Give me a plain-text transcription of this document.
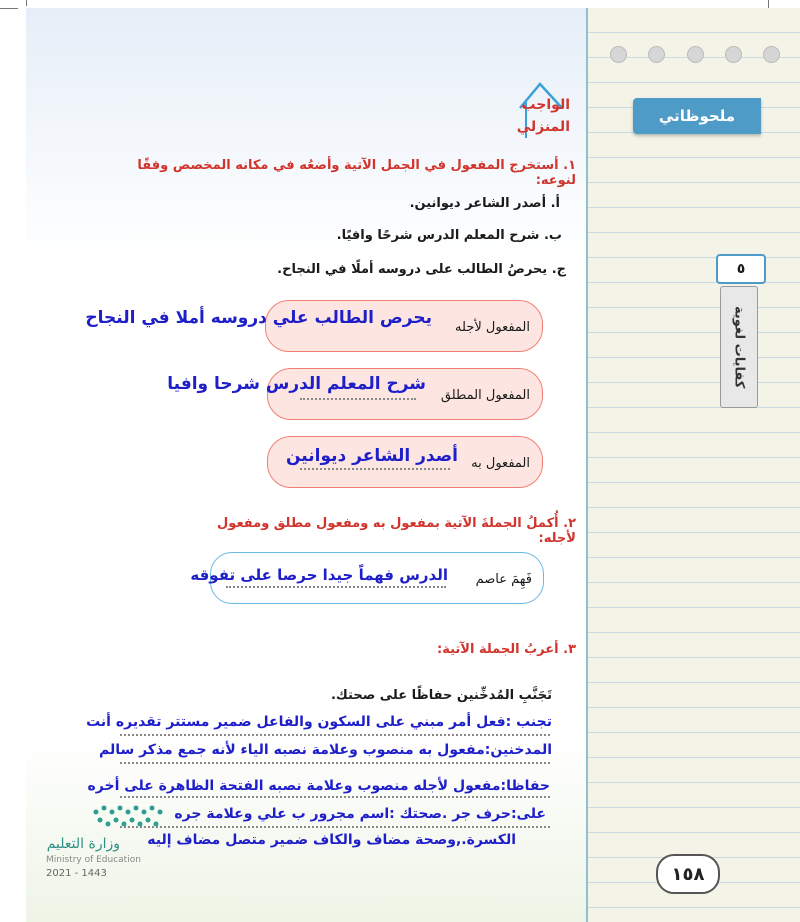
ملحوظاتي
٥
كفايات لغوية
١٥٨
الواجب
المنزلي
١. أستخرج المفعول في الجمل الآتية وأضعُه في مكانه المخصص وفقًا لنوعه:
أ. أصدر الشاعر ديوانين.
ب. شرح المعلم الدرس شرحًا وافيًا.
ج. يحرصُ الطالب على دروسه أملًا في النجاح.
المفعول لأجله
يحرص الطالب علي دروسه أملا في النجاح
المفعول المطلق
شرح المعلم الدرس شرحا وافيا
المفعول به
أصدر الشاعر ديوانين
٢. أُكملُ الجملةَ الآتية بمفعول به ومفعول مطلق ومفعول لأجله:
فَهِمَ عاصم
الدرس فهماً جيدا حرصا على تفوقه
٣. أعربُ الجملة الآتية:
تَجَنَّبِ المُدخِّنين حفاظًا على صحتك.
تجنب :فعل أمر مبني على السكون والفاعل ضمير مستتر تقديره أنت
المدخنين:مفعول به منصوب وعلامة نصبه الياء لأنه جمع مذكر سالم
حفاظا:مفعول لأجله منصوب وعلامة نصبه الفتحة الظاهرة على أخره
على:حرف جر .صحتك :اسم مجرور ب علي وعلامة جره
الكسرة.,وصحة مضاف والكاف ضمير متصل مضاف إليه
وزارة التعليم
Ministry of Education
2021 - 1443
